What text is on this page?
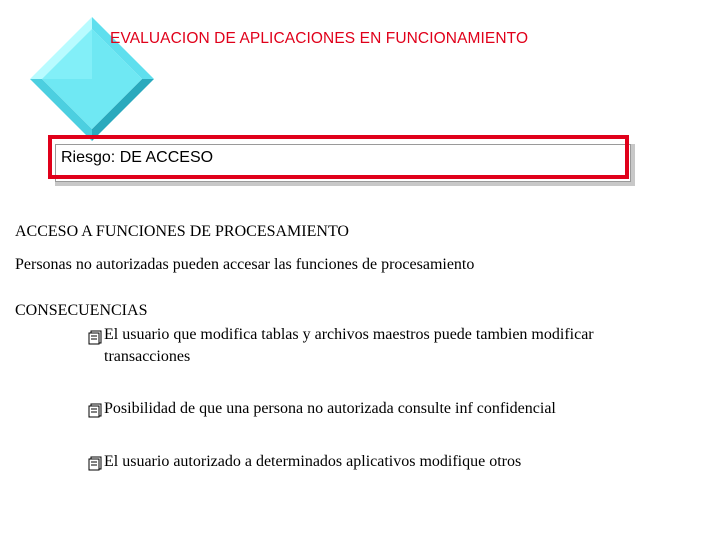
EVALUACION DE APLICACIONES EN FUNCIONAMIENTO
Riesgo: DE ACCESO
ACCESO A FUNCIONES DE PROCESAMIENTO
Personas no autorizadas pueden accesar las funciones de procesamiento
CONSECUENCIAS
El usuario que modifica tablas y archivos maestros puede tambien modificar
transacciones
Posibilidad de que una persona no autorizada consulte inf confidencial
El usuario autorizado a determinados aplicativos modifique otros
